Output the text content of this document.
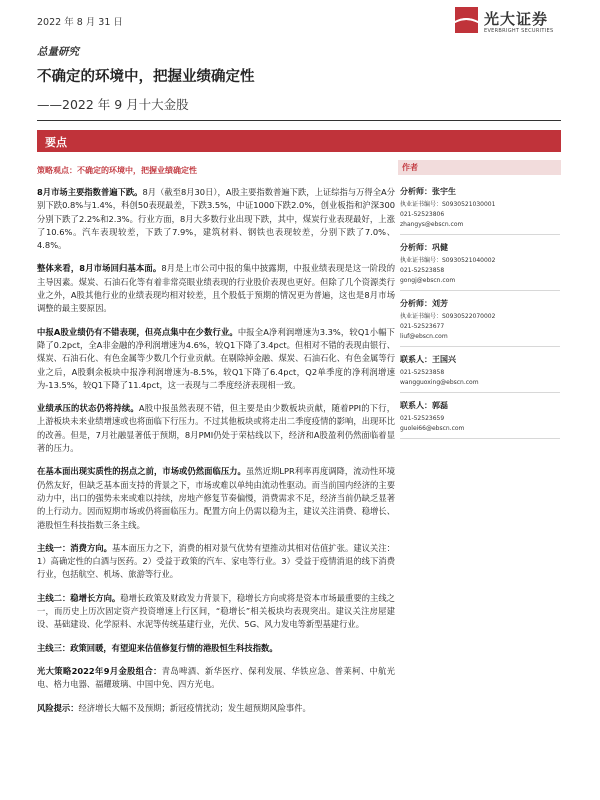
2022 年 8 月 31 日	光大证券
EVERBRIGHT SECURITIES
总量研究
不确定的环境中，把握业绩确定性
——2022 年 9 月十大金股
要点
策略观点：不确定的环境中，把握业绩确定性
8月市场主要指数普遍下跌。8月（截至8月30日），A股主要指数普遍下跌，上证综指与万得全A分别下跌0.8%与1.4%，科创50表现最差，下跌3.5%，中证1000下跌2.0%，创业板指和沪深300分别下跌了2.2%和2.3%。行业方面，8月大多数行业出现下跌，其中，煤炭行业表现最好，上涨了10.6%。汽车表现较差，下跌了7.9%，建筑材料、钢铁也表现较差，分别下跌了7.0%、4.8%。
整体来看，8月市场回归基本面。8月是上市公司中报的集中披露期，中报业绩表现是这一阶段的主导因素。煤炭、石油石化等有着非常亮眼业绩表现的行业股价表现也更好。但除了几个资源类行业之外，A股其他行业的业绩表现均相对较差，且个股低于预期的情况更为普遍，这也是8月市场调整的最主要原因。
中报A股业绩仍有不错表现，但亮点集中在少数行业。中报全A净利润增速为3.3%，较Q1小幅下降了0.2pct，全A非金融的净利润增速为4.6%，较Q1下降了3.4pct。但相对不错的表现由银行、煤炭、石油石化、有色金属等少数几个行业贡献。在剔除掉金融、煤炭、石油石化、有色金属等行业之后，A股剩余板块中报净利润增速为-8.5%，较Q1下降了6.4pct，Q2单季度的净利润增速为-13.5%，较Q1下降了11.4pct，这一表现与二季度经济表现相一致。
业绩承压的状态仍将持续。A股中报虽然表现不错，但主要是由少数板块贡献，随着PPI的下行，上游板块未来业绩增速或也将面临下行压力。不过其他板块或将走出二季度疫情的影响，出现环比的改善。但是，7月社融显著低于预期，8月PMI仍处于荣枯线以下，经济和A股盈利仍然面临着显著的压力。
在基本面出现实质性的拐点之前，市场或仍然面临压力。虽然近期LPR利率再度调降，流动性环境仍然友好，但缺乏基本面支持的背景之下，市场或难以单纯由流动性驱动。而当前国内经济的主要动力中，出口的强势未来或难以持续，房地产修复节奏偏慢，消费需求不足，经济当前仍缺乏显著的上行动力。因而短期市场或仍将面临压力。配置方向上仍需以稳为主，建议关注消费、稳增长、港股恒生科技指数三条主线。
主线一：消费方向。基本面压力之下，消费的相对景气优势有望推动其相对估值扩张。建议关注：1）高确定性的白酒与医药。2）受益于政策的汽车、家电等行业。3）受益于疫情消退的线下消费行业，包括航空、机场、旅游等行业。
主线二：稳增长方向。稳增长政策及财政发力背景下，稳增长方向或将是资本市场最重要的主线之一，而历史上历次固定资产投资增速上行区间，“稳增长”相关板块均表现突出。建议关注房屋建设、基础建设、化学原料、水泥等传统基建行业，光伏、5G、风力发电等新型基建行业。
主线三：政策回暖，有望迎来估值修复行情的港股恒生科技指数。
光大策略2022年9月金股组合：青岛啤酒、新华医疗、保利发展、华铁应急、普莱柯、中航光电、格力电器、福耀玻璃、中国中免、四方光电。
风险提示：经济增长大幅不及预期；新冠疫情扰动；发生超预期风险事件。
作者
分析师：张宇生
执业证书编号：S0930521030001
021-52523806
zhangys@ebscn.com
分析师：巩健
执业证书编号：S0930521040002
021-52523858
gongj@ebscn.com
分析师：刘芳
执业证书编号：S0930522070002
021-52523677
liuf@ebscn.com
联系人：王国兴
021-52523858
wangguoxing@ebscn.com
联系人：郭磊
021-52523659
guolei66@ebscn.com
